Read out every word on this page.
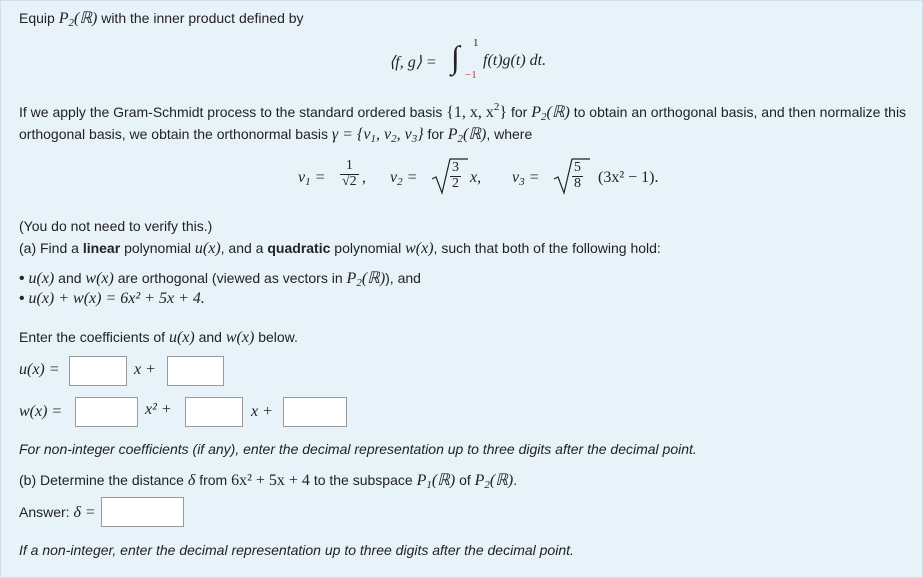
Equip $P_2(ℝ)$ with the inner product defined by
⟨f, g⟩ = ∫ 1
−1
f(t)g(t) dt.
If we apply the Gram-Schmidt process to the standard ordered basis {1, x, $x^2$} for $P_2(ℝ)$ to obtain an orthogonal basis, and then normalize this
orthogonal basis, we obtain the orthonormal basis $\gamma = \{v_1$, $v_2$, $v_3$} for $P_2(ℝ)$, where
$v_1 = \frac{1}{√2}$ , $v_2 = \frac{3}{2} x$, $v_3 = \frac{5}{8} (3x^2 - 1)$.
(You do not need to verify this.)
(a) Find a linear polynomial u(x), and a quadratic polynomial w(x), such that both of the following hold:
• u(x) and w(x) are orthogonal (viewed as vectors in $P_2(ℝ)$), and
• u(x) + w(x) = 6x² + 5x + 4.
Enter the coefficients of u(x) and w(x) below.
u(x) =	x +
w(x) =	x² +	x +
For non-integer coefficients (if any), enter the decimal representation up to three digits after the decimal point.
(b) Determine the distance δ from 6x² + 5x + 4 to the subspace $P_1(ℝ)$ of $P_2(ℝ)$.
Answer: δ =
If a non-integer, enter the decimal representation up to three digits after the decimal point.
